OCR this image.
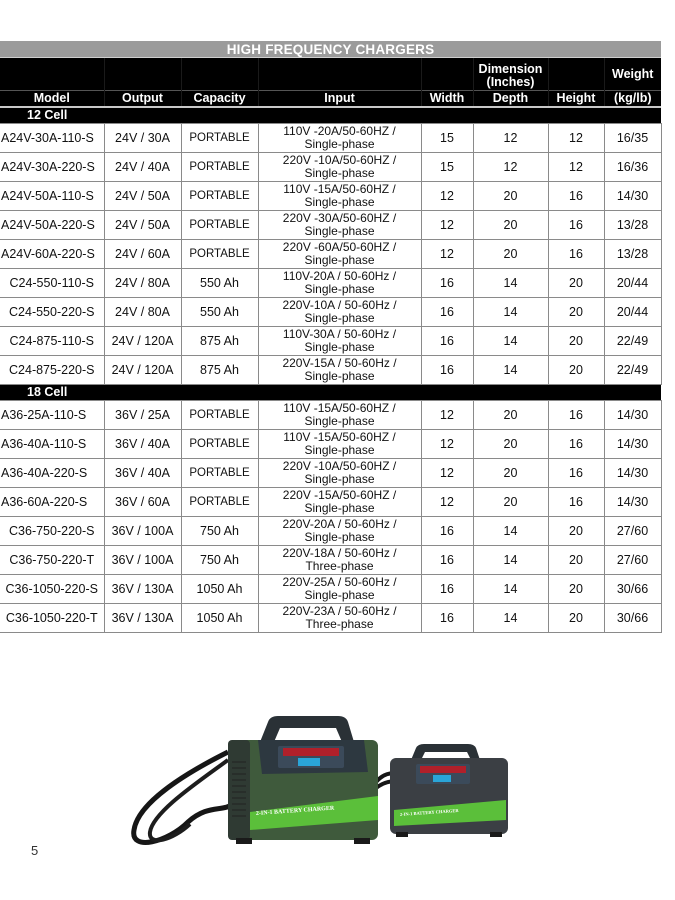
HIGH FREQUENCY CHARGERS
					Dimension (Inches)		Weight
Model	Output	Capacity	Input	Width	Depth	Height	(kg/lb)
12 Cell							
A24V-30A-110-S	24V / 30A	PORTABLE	110V -20A/50-60HZ /
Single-phase	15	12	12	16/35
A24V-30A-220-S	24V / 40A	PORTABLE	220V -10A/50-60HZ /
Single-phase	15	12	12	16/36
A24V-50A-110-S	24V / 50A	PORTABLE	110V -15A/50-60HZ /
Single-phase	12	20	16	14/30
A24V-50A-220-S	24V / 50A	PORTABLE	220V -30A/50-60HZ /
Single-phase	12	20	16	13/28
A24V-60A-220-S	24V / 60A	PORTABLE	220V -60A/50-60HZ /
Single-phase	12	20	16	13/28
C24-550-110-S	24V / 80A	550 Ah	110V-20A / 50-60Hz /
Single-phase	16	14	20	20/44
C24-550-220-S	24V / 80A	550 Ah	220V-10A / 50-60Hz /
Single-phase	16	14	20	20/44
C24-875-110-S	24V / 120A	875 Ah	110V-30A / 50-60Hz /
Single-phase	16	14	20	22/49
C24-875-220-S	24V / 120A	875 Ah	220V-15A / 50-60Hz /
Single-phase	16	14	20	22/49
18 Cell							
A36-25A-110-S	36V / 25A	PORTABLE	110V -15A/50-60HZ /
Single-phase	12	20	16	14/30
A36-40A-110-S	36V / 40A	PORTABLE	110V -15A/50-60HZ /
Single-phase	12	20	16	14/30
A36-40A-220-S	36V / 40A	PORTABLE	220V -10A/50-60HZ /
Single-phase	12	20	16	14/30
A36-60A-220-S	36V / 60A	PORTABLE	220V -15A/50-60HZ /
Single-phase	12	20	16	14/30
C36-750-220-S	36V / 100A	750 Ah	220V-20A / 50-60Hz /
Single-phase	16	14	20	27/60
C36-750-220-T	36V / 100A	750 Ah	220V-18A / 50-60Hz /
Three-phase	16	14	20	27/60
C36-1050-220-S	36V / 130A	1050 Ah	220V-25A / 50-60Hz /
Single-phase	16	14	20	30/66
C36-1050-220-T	36V / 130A	1050 Ah	220V-23A / 50-60Hz /
Three-phase	16	14	20	30/66
2-IN-1 BATTERY CHARGER	2-IN-1 BATTERY CHARGER
5
